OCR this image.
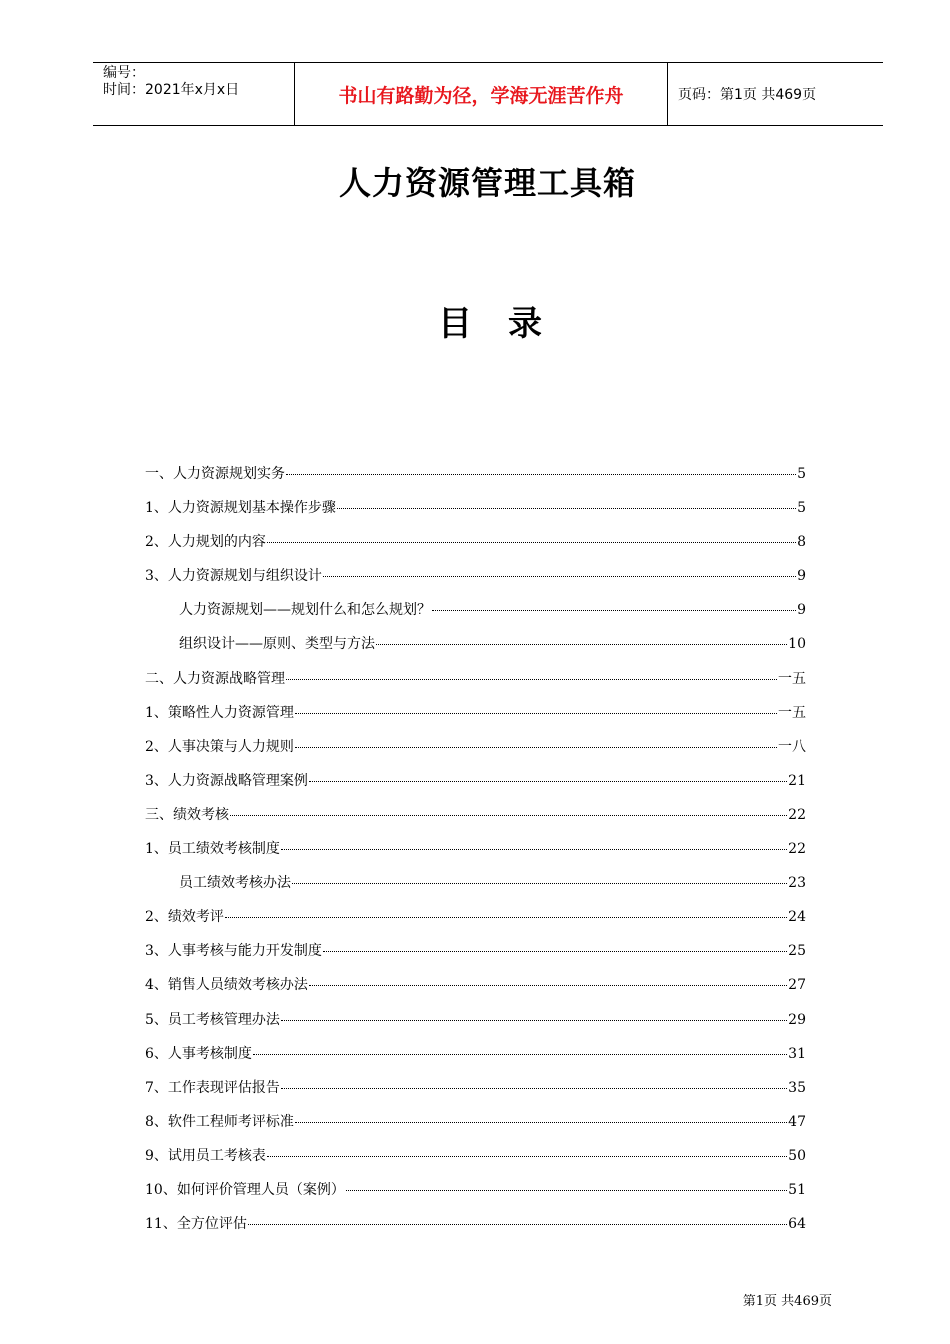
编号：
时间：2021年x月x日	书山有路勤为径，学海无涯苦作舟	页码：第1页 共469页
人力资源管理工具箱
目 录
一、人力资源规划实务	5
1、人力资源规划基本操作步骤	5
2、人力规划的内容	8
3、人力资源规划与组织设计	9
人力资源规划——规划什么和怎么规划？	9
组织设计——原则、类型与方法	10
二、人力资源战略管理	一五
1、策略性人力资源管理	一五
2、人事决策与人力规则	一八
3、人力资源战略管理案例	21
三、绩效考核	22
1、员工绩效考核制度	22
员工绩效考核办法	23
2、绩效考评	24
3、人事考核与能力开发制度	25
4、销售人员绩效考核办法	27
5、员工考核管理办法	29
6、人事考核制度	31
7、工作表现评估报告	35
8、软件工程师考评标准	47
9、试用员工考核表	50
10、如何评价管理人员（案例）	51
11、全方位评估	64
第1页 共469页
